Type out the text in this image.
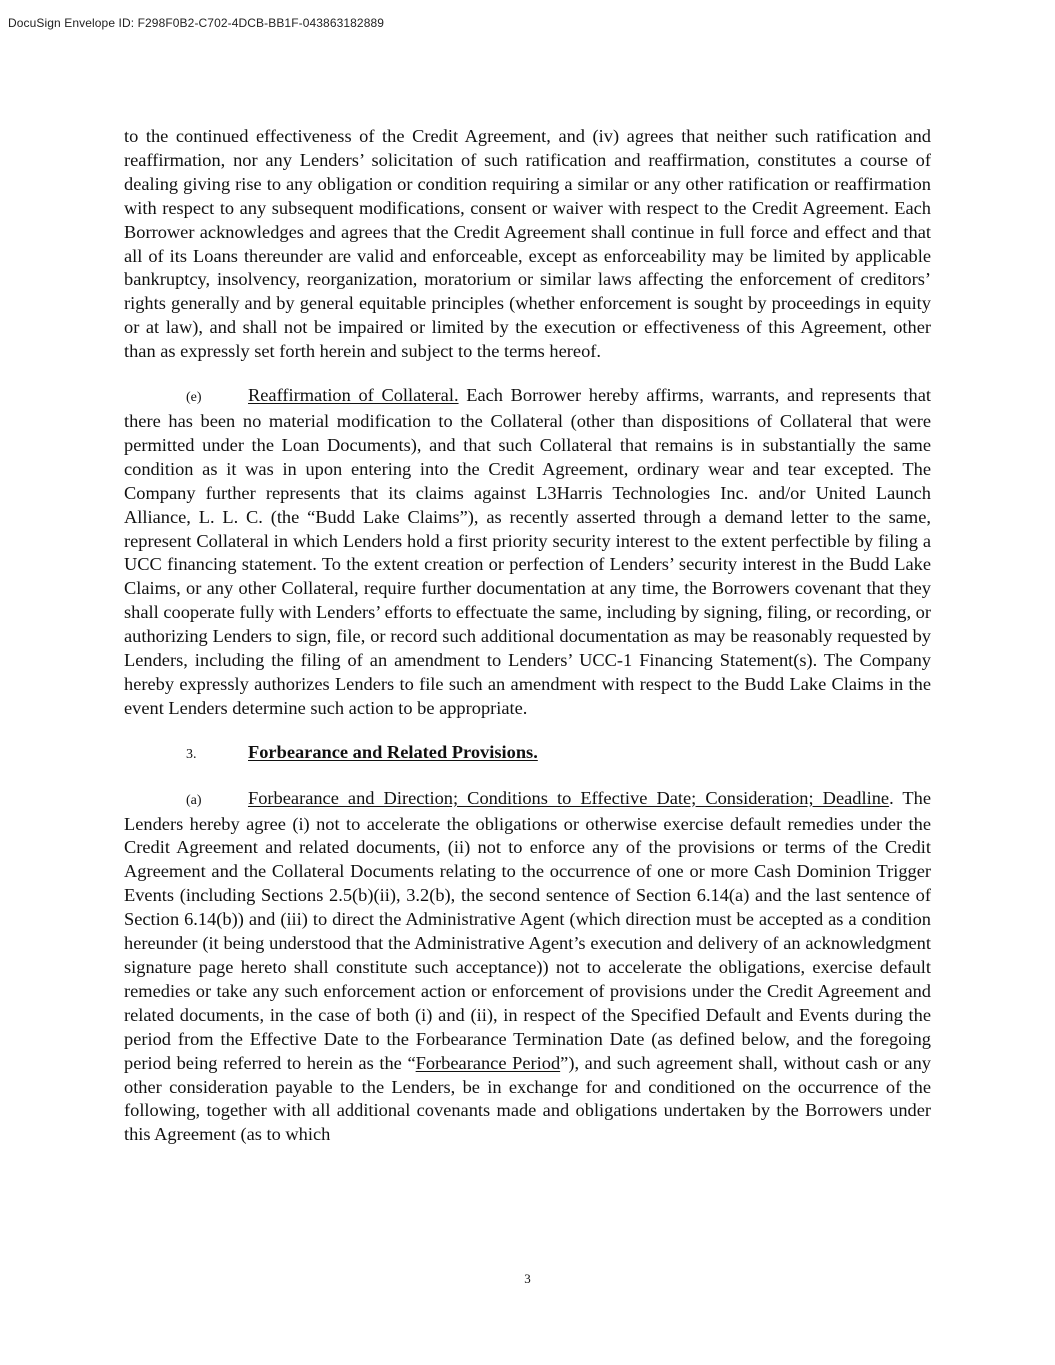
DocuSign Envelope ID: F298F0B2-C702-4DCB-BB1F-043863182889

to the continued effectiveness of the Credit Agreement, and (iv) agrees that neither such ratification and reaffirmation, nor any Lenders’ solicitation of such ratification and reaffirmation, constitutes a course of dealing giving rise to any obligation or condition requiring a similar or any other ratification or reaffirmation with respect to any subsequent modifications, consent or waiver with respect to the Credit Agreement. Each Borrower acknowledges and agrees that the Credit Agreement shall continue in full force and effect and that all of its Loans thereunder are valid and enforceable, except as enforceability may be limited by applicable bankruptcy, insolvency, reorganization, moratorium or similar laws affecting the enforcement of creditors’ rights generally and by general equitable principles (whether enforcement is sought by proceedings in equity or at law), and shall not be impaired or limited by the execution or effectiveness of this Agreement, other than as expressly set forth herein and subject to the terms hereof.

(e)	Reaffirmation of Collateral. Each Borrower hereby affirms, warrants, and represents that there has been no material modification to the Collateral (other than dispositions of Collateral that were permitted under the Loan Documents), and that such Collateral that remains is in substantially the same condition as it was in upon entering into the Credit Agreement, ordinary wear and tear excepted. The Company further represents that its claims against L3Harris Technologies Inc. and/or United Launch Alliance, L. L. C. (the “Budd Lake Claims”), as recently asserted through a demand letter to the same, represent Collateral in which Lenders hold a first priority security interest to the extent perfectible by filing a UCC financing statement. To the extent creation or perfection of Lenders’ security interest in the Budd Lake Claims, or any other Collateral, require further documentation at any time, the Borrowers covenant that they shall cooperate fully with Lenders’ efforts to effectuate the same, including by signing, filing, or recording, or authorizing Lenders to sign, file, or record such additional documentation as may be reasonably requested by Lenders, including the filing of an amendment to Lenders’ UCC-1 Financing Statement(s). The Company hereby expressly authorizes Lenders to file such an amendment with respect to the Budd Lake Claims in the event Lenders determine such action to be appropriate.

3.	Forbearance and Related Provisions.

(a)	Forbearance and Direction; Conditions to Effective Date; Consideration; Deadline. The Lenders hereby agree (i) not to accelerate the obligations or otherwise exercise default remedies under the Credit Agreement and related documents, (ii) not to enforce any of the provisions or terms of the Credit Agreement and the Collateral Documents relating to the occurrence of one or more Cash Dominion Trigger Events (including Sections 2.5(b)(ii), 3.2(b), the second sentence of Section 6.14(a) and the last sentence of Section 6.14(b)) and (iii) to direct the Administrative Agent (which direction must be accepted as a condition hereunder (it being understood that the Administrative Agent’s execution and delivery of an acknowledgment signature page hereto shall constitute such acceptance)) not to accelerate the obligations, exercise default remedies or take any such enforcement action or enforcement of provisions under the Credit Agreement and related documents, in the case of both (i) and (ii), in respect of the Specified Default and Events during the period from the Effective Date to the Forbearance Termination Date (as defined below, and the foregoing period being referred to herein as the “Forbearance Period”), and such agreement shall, without cash or any other consideration payable to the Lenders, be in exchange for and conditioned on the occurrence of the following, together with all additional covenants made and obligations undertaken by the Borrowers under this Agreement (as to which

3
